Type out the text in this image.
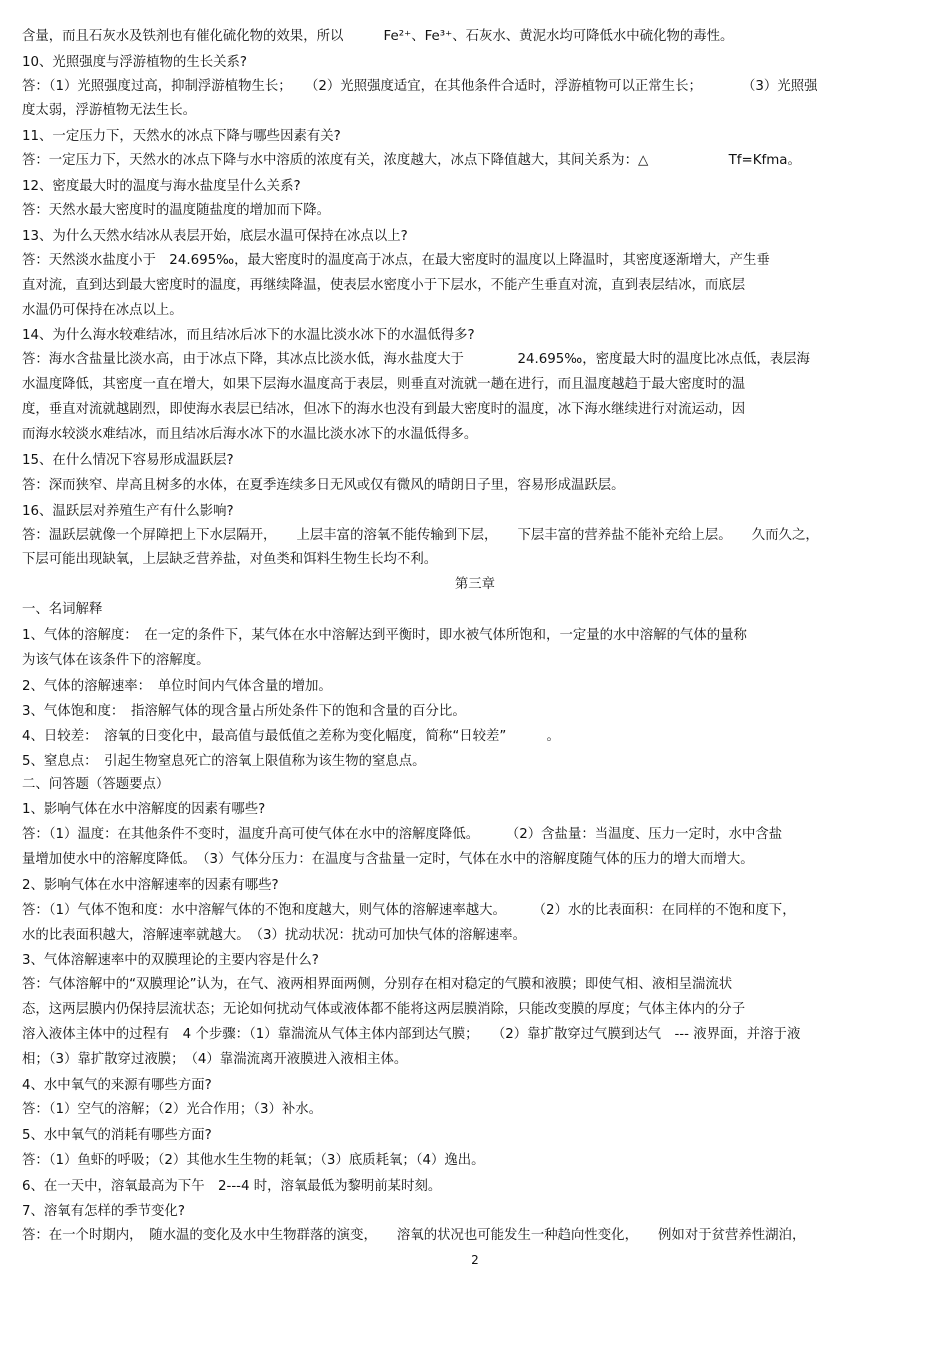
含量，而且石灰水及铁剂也有催化硫化物的效果，所以　　　Fe²⁺、Fe³⁺、石灰水、黄泥水均可降低水中硫化物的毒性。
10、光照强度与浮游植物的生长关系?
答：（1）光照强度过高，抑制浮游植物生长；　　（2）光照强度适宜，在其他条件合适时，浮游植物可以正常生长；　　　　（3）光照强
度太弱，浮游植物无法生长。
11、一定压力下，天然水的冰点下降与哪些因素有关?
答：一定压力下，天然水的冰点下降与水中溶质的浓度有关，浓度越大，冰点下降值越大，其间关系为：△　　　　　　Tf=Kfma。
12、密度最大时的温度与海水盐度呈什么关系?
答：天然水最大密度时的温度随盐度的增加而下降。
13、为什么天然水结冰从表层开始，底层水温可保持在冰点以上?
答：天然淡水盐度小于　24.695‰，最大密度时的温度高于冰点，在最大密度时的温度以上降温时，其密度逐渐增大，产生垂
直对流，直到达到最大密度时的温度，再继续降温，使表层水密度小于下层水，不能产生垂直对流，直到表层结冰，而底层
水温仍可保持在冰点以上。
14、为什么海水较难结冰，而且结冰后冰下的水温比淡水冰下的水温低得多?
答：海水含盐量比淡水高，由于冰点下降，其冰点比淡水低，海水盐度大于　　　　24.695‰，密度最大时的温度比冰点低，表层海
水温度降低，其密度一直在增大，如果下层海水温度高于表层，则垂直对流就一趟在进行，而且温度越趋于最大密度时的温
度，垂直对流就越剧烈，即使海水表层已结冰，但冰下的海水也没有到最大密度时的温度，冰下海水继续进行对流运动，因
而海水较淡水难结冰，而且结冰后海水冰下的水温比淡水冰下的水温低得多。
15、在什么情况下容易形成温跃层?
答：深而狭窄、岸高且树多的水体，在夏季连续多日无风或仅有微风的晴朗日子里，容易形成温跃层。
16、温跃层对养殖生产有什么影响?
答：温跃层就像一个屏障把上下水层隔开，　　上层丰富的溶氧不能传输到下层，　　下层丰富的营养盐不能补充给上层。　　久而久之，
下层可能出现缺氧，上层缺乏营养盐，对鱼类和饵料生物生长均不利。
第三章
一、名词解释
1、气体的溶解度：　在一定的条件下，某气体在水中溶解达到平衡时，即水被气体所饱和，一定量的水中溶解的气体的量称
为该气体在该条件下的溶解度。
2、气体的溶解速率：　单位时间内气体含量的增加。
3、气体饱和度：　指溶解气体的现含量占所处条件下的饱和含量的百分比。
4、日较差：　溶氧的日变化中，最高值与最低值之差称为变化幅度，简称“日较差”　　　。
5、窒息点：　引起生物窒息死亡的溶氧上限值称为该生物的窒息点。
二、问答题（答题要点）
1、影响气体在水中溶解度的因素有哪些?
答：（1）温度：在其他条件不变时，温度升高可使气体在水中的溶解度降低。　　　（2）含盐量：当温度、压力一定时，水中含盐
量增加使水中的溶解度降低。　（3）气体分压力：在温度与含盐量一定时，气体在水中的溶解度随气体的压力的增大而增大。
2、影响气体在水中溶解速率的因素有哪些?
答：（1）气体不饱和度：水中溶解气体的不饱和度越大，则气体的溶解速率越大。　　　（2）水的比表面积：在同样的不饱和度下，
水的比表面积越大，溶解速率就越大。　（3）扰动状况：扰动可加快气体的溶解速率。
3、气体溶解速率中的双膜理论的主要内容是什么?
答：气体溶解中的“双膜理论”认为，在气、液两相界面两侧，分别存在相对稳定的气膜和液膜；即使气相、液相呈湍流状
态，这两层膜内仍保持层流状态；无论如何扰动气体或液体都不能将这两层膜消除，只能改变膜的厚度；气体主体内的分子
溶入液体主体中的过程有　4 个步骤：（1）靠湍流从气体主体内部到达气膜；　　（2）靠扩散穿过气膜到达气　--- 液界面，并溶于液
相；（3）靠扩散穿过液膜；　（4）靠湍流离开液膜进入液相主体。
4、水中氧气的来源有哪些方面?
答：（1）空气的溶解；（2）光合作用；（3）补水。
5、水中氧气的消耗有哪些方面?
答：（1）鱼虾的呼吸；（2）其他水生生物的耗氧；（3）底质耗氧；（4）逸出。
6、在一天中，溶氧最高为下午　2---4 时，溶氧最低为黎明前某时刻。
7、溶氧有怎样的季节变化?
答：在一个时期内，　随水温的变化及水中生物群落的演变，　　溶氧的状况也可能发生一种趋向性变化，　　例如对于贫营养性湖泊，
2
